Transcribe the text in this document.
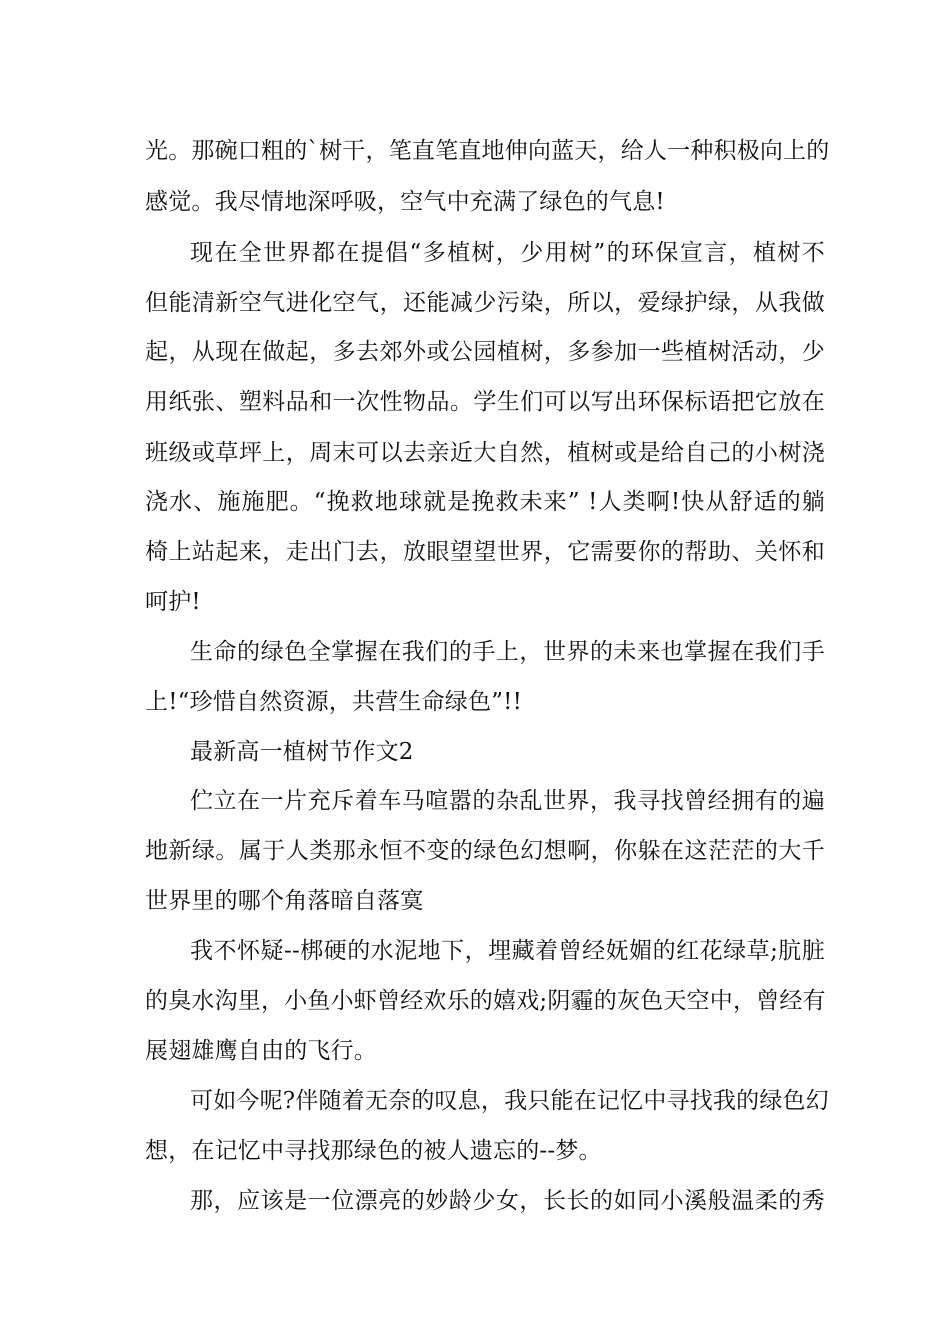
光。那碗口粗的`树干，笔直笔直地伸向蓝天，给人一种积极向上的
感觉。我尽情地深呼吸，空气中充满了绿色的气息!
现在全世界都在提倡“多植树，少用树”的环保宣言，植树不
但能清新空气进化空气，还能减少污染，所以，爱绿护绿，从我做
起，从现在做起，多去郊外或公园植树，多参加一些植树活动，少
用纸张、塑料品和一次性物品。学生们可以写出环保标语把它放在
班级或草坪上，周末可以去亲近大自然，植树或是给自己的小树浇
浇水、施施肥。“挽救地球就是挽救未来” !人类啊!快从舒适的躺
椅上站起来，走出门去，放眼望望世界，它需要你的帮助、关怀和
呵护!
生命的绿色全掌握在我们的手上，世界的未来也掌握在我们手
上!“珍惜自然资源，共营生命绿色”!!
最新高一植树节作文2
伫立在一片充斥着车马喧嚣的杂乱世界，我寻找曾经拥有的遍
地新绿。属于人类那永恒不变的绿色幻想啊，你躲在这茫茫的大千
世界里的哪个角落暗自落寞
我不怀疑--梆硬的水泥地下，埋藏着曾经妩媚的红花绿草;肮脏
的臭水沟里，小鱼小虾曾经欢乐的嬉戏;阴霾的灰色天空中，曾经有
展翅雄鹰自由的飞行。
可如今呢?伴随着无奈的叹息，我只能在记忆中寻找我的绿色幻
想，在记忆中寻找那绿色的被人遗忘的--梦。
那，应该是一位漂亮的妙龄少女，长长的如同小溪般温柔的秀
